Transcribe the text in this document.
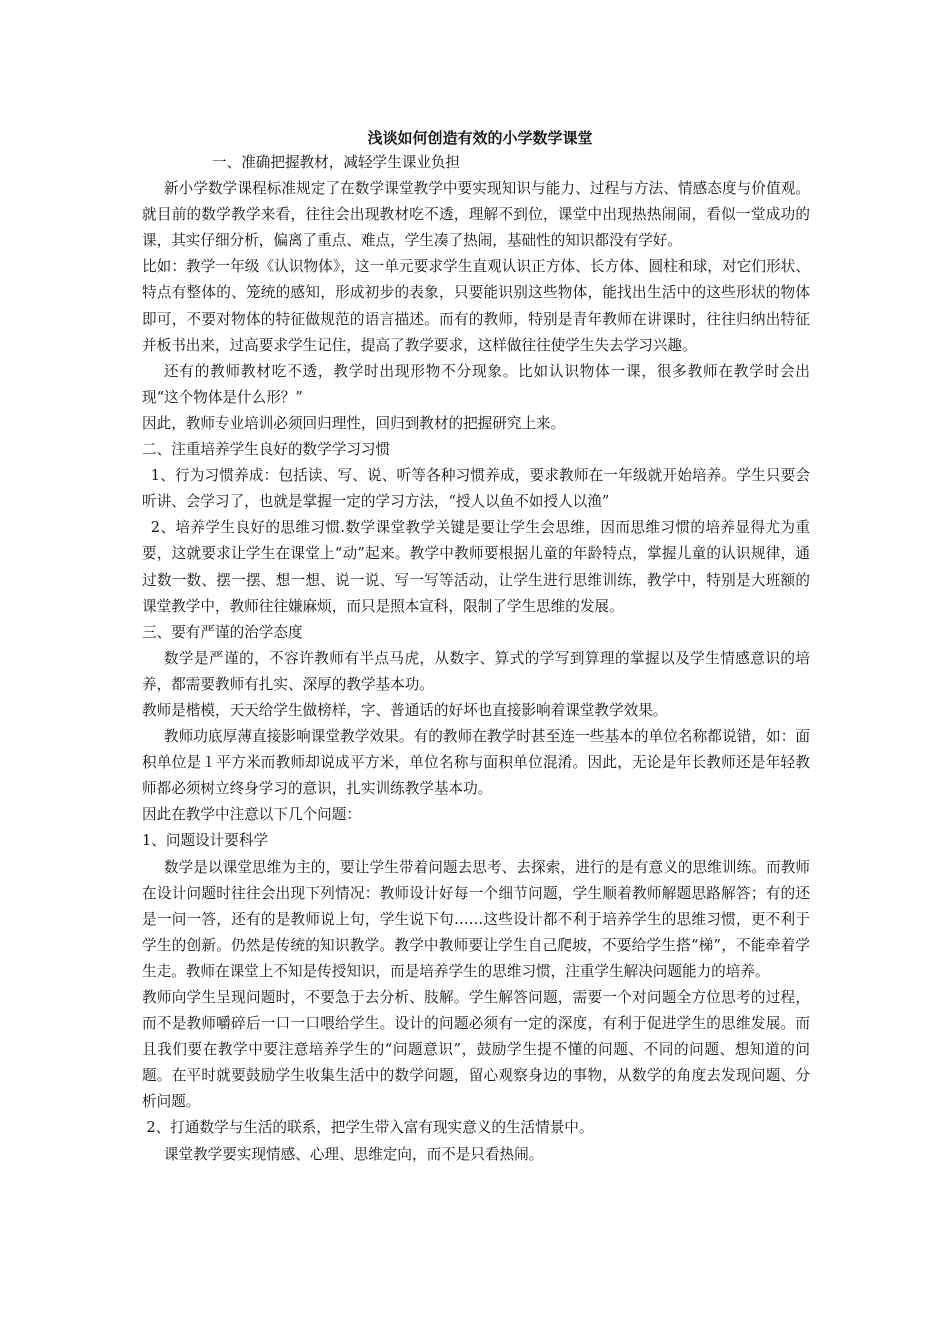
浅谈如何创造有效的小学数学课堂

一、准确把握教材，减轻学生课业负担

新小学数学课程标准规定了在数学课堂教学中要实现知识与能力、过程与方法、情感态度与价值观。就目前的数学教学来看，往往会出现教材吃不透，理解不到位，课堂中出现热热闹闹，看似一堂成功的课，其实仔细分析，偏离了重点、难点，学生凑了热闹，基础性的知识都没有学好。

比如：教学一年级《认识物体》，这一单元要求学生直观认识正方体、长方体、圆柱和球，对它们形状、特点有整体的、笼统的感知，形成初步的表象，只要能识别这些物体，能找出生活中的这些形状的物体即可，不要对物体的特征做规范的语言描述。而有的教师，特别是青年教师在讲课时，往往归纳出特征并板书出来，过高要求学生记住，提高了教学要求，这样做往往使学生失去学习兴趣。

还有的教师教材吃不透，教学时出现形物不分现象。比如认识物体一课，很多教师在教学时会出现“这个物体是什么形？”

因此，教师专业培训必须回归理性，回归到教材的把握研究上来。

二、注重培养学生良好的数学学习习惯

1、行为习惯养成：包括读、写、说、听等各种习惯养成，要求教师在一年级就开始培养。学生只要会听讲、会学习了，也就是掌握一定的学习方法，“授人以鱼不如授人以渔”

2、培养学生良好的思维习惯.数学课堂教学关键是要让学生会思维，因而思维习惯的培养显得尤为重要，这就要求让学生在课堂上“动”起来。教学中教师要根据儿童的年龄特点，掌握儿童的认识规律，通过数一数、摆一摆、想一想、说一说、写一写等活动，让学生进行思维训练，教学中，特别是大班额的课堂教学中，教师往往嫌麻烦，而只是照本宣科，限制了学生思维的发展。

三、要有严谨的治学态度

数学是严谨的，不容许教师有半点马虎，从数字、算式的学写到算理的掌握以及学生情感意识的培养，都需要教师有扎实、深厚的教学基本功。

教师是楷模，天天给学生做榜样，字、普通话的好坏也直接影响着课堂教学效果。

教师功底厚薄直接影响课堂教学效果。有的教师在教学时甚至连一些基本的单位名称都说错，如：面积单位是１平方米而教师却说成平方米，单位名称与面积单位混淆。因此，无论是年长教师还是年轻教师都必须树立终身学习的意识，扎实训练教学基本功。

因此在教学中注意以下几个问题：

1、问题设计要科学

数学是以课堂思维为主的，要让学生带着问题去思考、去探索，进行的是有意义的思维训练。而教师在设计问题时往往会出现下列情况：教师设计好每一个细节问题，学生顺着教师解题思路解答；有的还是一问一答，还有的是教师说上句，学生说下句……这些设计都不利于培养学生的思维习惯，更不利于学生的创新。仍然是传统的知识教学。教学中教师要让学生自己爬坡，不要给学生搭“梯”，不能牵着学生走。教师在课堂上不知是传授知识，而是培养学生的思维习惯，注重学生解决问题能力的培养。

教师向学生呈现问题时，不要急于去分析、肢解。学生解答问题，需要一个对问题全方位思考的过程，而不是教师嚼碎后一口一口喂给学生。设计的问题必须有一定的深度，有利于促进学生的思维发展。而且我们要在教学中要注意培养学生的“问题意识”，鼓励学生提不懂的问题、不同的问题、想知道的问题。在平时就要鼓励学生收集生活中的数学问题，留心观察身边的事物，从数学的角度去发现问题、分析问题。

2、打通数学与生活的联系，把学生带入富有现实意义的生活情景中。

课堂教学要实现情感、心理、思维定向，而不是只看热闹。
